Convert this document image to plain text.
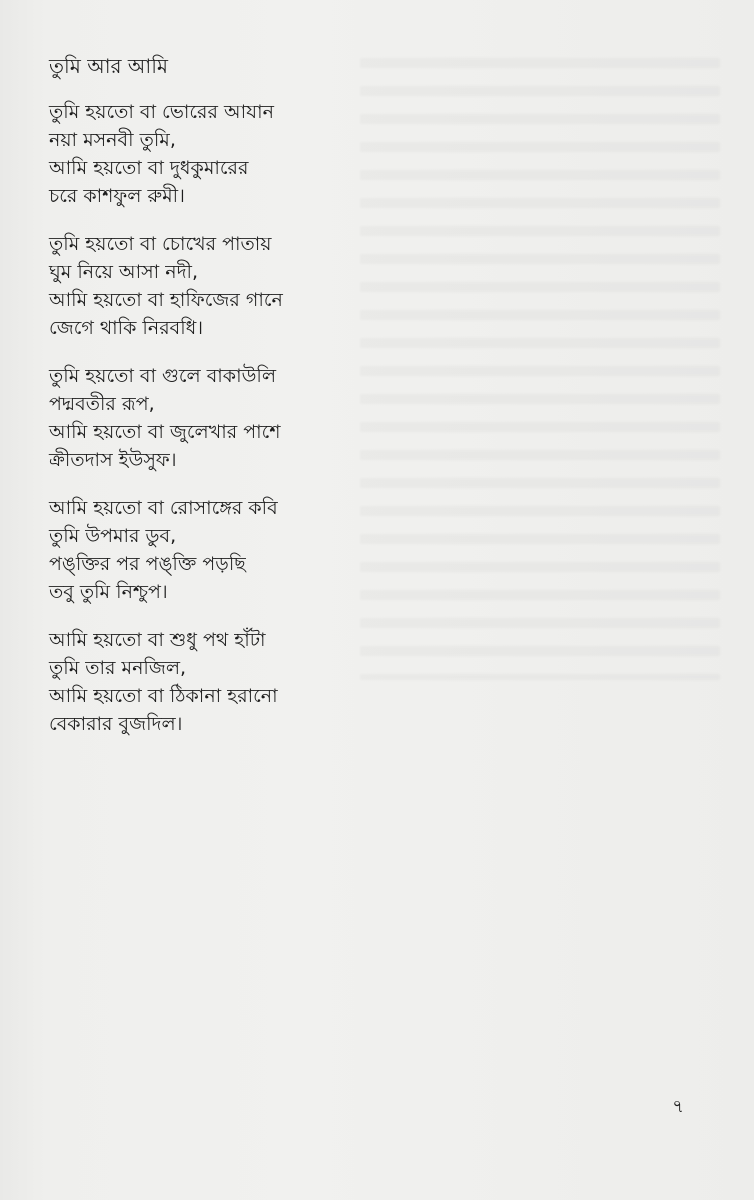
তুমি আর আমি
তুমি হয়তো বা ভোরের আযান
নয়া মসনবী তুমি,
আমি হয়তো বা দুধকুমারের
চরে কাশফুল রুমী।
তুমি হয়তো বা চোখের পাতায়
ঘুম নিয়ে আসা নদী,
আমি হয়তো বা হাফিজের গানে
জেগে থাকি নিরবধি।
তুমি হয়তো বা গুলে বাকাউলি
পদ্মবতীর রূপ,
আমি হয়তো বা জুলেখার পাশে
ক্রীতদাস ইউসুফ।
আমি হয়তো বা রোসাঙ্গের কবি
তুমি উপমার ডুব,
পঙ্‌ক্তির পর পঙ্‌ক্তি পড়ছি
তবু তুমি নিশ্চুপ।
আমি হয়তো বা শুধু পথ হাঁটা
তুমি তার মনজিল,
আমি হয়তো বা ঠিকানা হরানো
বেকারার বুজদিল।
৭
